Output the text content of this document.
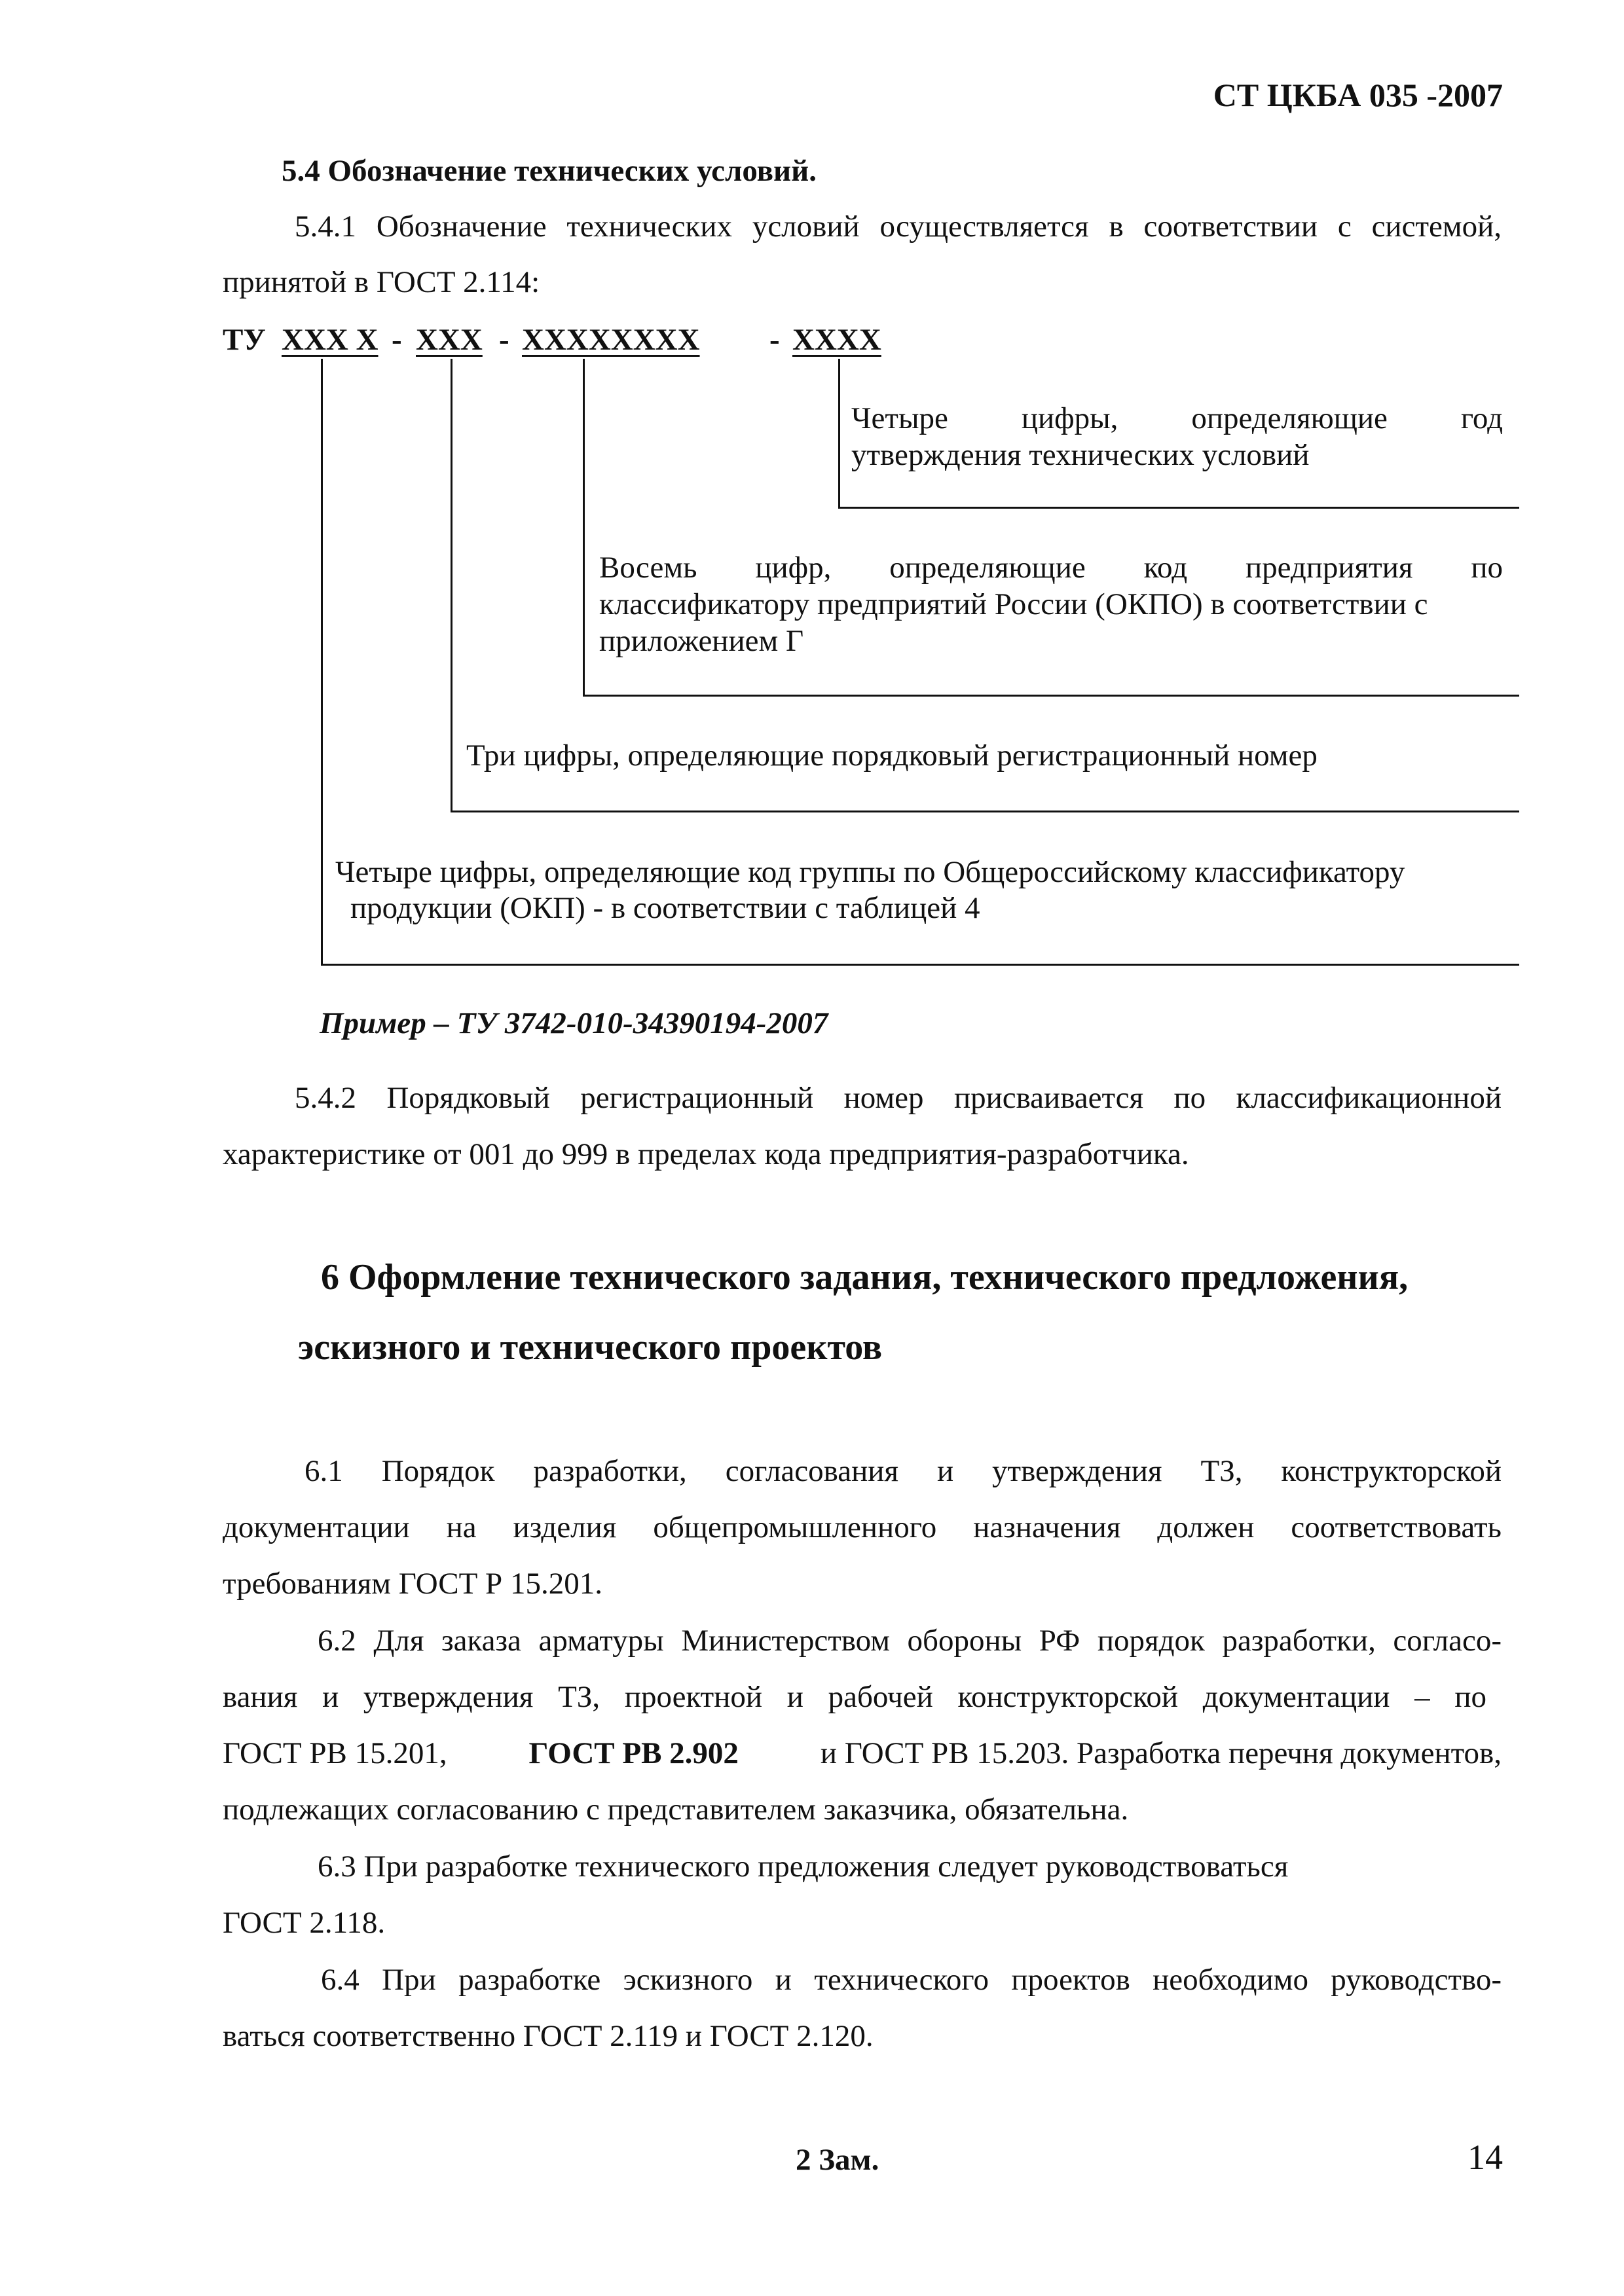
СТ ЦКБА 035 -2007
5.4 Обозначение технических условий.
5.4.1 Обозначение технических условий осуществляется в соответствии с системой,
принятой в ГОСТ 2.114:
ТУ ХХХ Х - ХХХ - ХХХХХХХХ - ХХХХ
Четыре цифры, определяющие год
утверждения технических условий
Восемь цифр, определяющие код предприятия по
классификатору предприятий России (ОКПО) в соответствии с
приложением Г
Три цифры, определяющие порядковый регистрационный номер
Четыре цифры, определяющие код группы по Общероссийскому классификатору
продукции (ОКП) - в соответствии с таблицей 4
Пример – ТУ 3742-010-34390194-2007
5.4.2 Порядковый регистрационный номер присваивается по классификационной
характеристике от 001 до 999 в пределах кода предприятия-разработчика.
6 Оформление технического задания, технического предложения,
эскизного и технического проектов
6.1 Порядок разработки, согласования и утверждения ТЗ, конструкторской
документации на изделия общепромышленного назначения должен соответствовать
требованиям ГОСТ Р 15.201.
6.2 Для заказа арматуры Министерством обороны РФ порядок разработки, согласо-
вания и утверждения ТЗ, проектной и рабочей конструкторской документации – по
ГОСТ РВ 15.201,	ГОСТ РВ 2.902	и ГОСТ РВ 15.203. Разработка перечня документов,
подлежащих согласованию с представителем заказчика, обязательна.
6.3 При разработке технического предложения следует руководствоваться
ГОСТ 2.118.
6.4 При разработке эскизного и технического проектов необходимо руководство-
ваться соответственно ГОСТ 2.119 и ГОСТ 2.120.
2 Зам.	14
